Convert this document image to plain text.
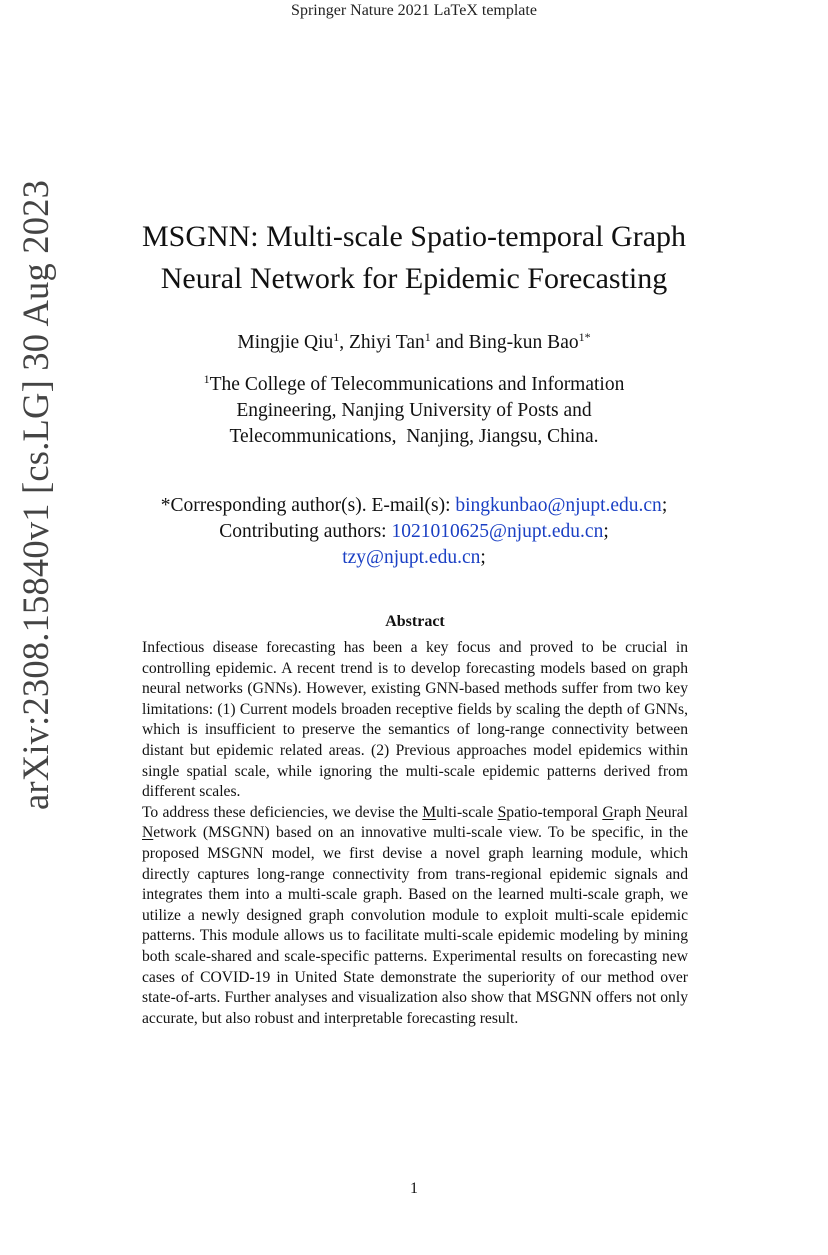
Springer Nature 2021 LaTeX template
arXiv:2308.15840v1 [cs.LG] 30 Aug 2023	MSGNN: Multi-scale Spatio-temporal Graph
Neural Network for Epidemic Forecasting
Mingjie Qiu$^1$, Zhiyi Tan$^1$ and Bing-kun Bao$^{1*}$
$^1$The College of Telecommunications and Information
Engineering, Nanjing University of Posts and
Telecommunications,  Nanjing, Jiangsu, China.
*Corresponding author(s). E-mail(s): bingkunbao@njupt.edu.cn;
Contributing authors: 1021010625@njupt.edu.cn;
tzy@njupt.edu.cn;
Abstract

Infectious disease forecasting has been a key focus and proved to be crucial in controlling epidemic. A recent trend is to develop forecasting models based on graph neural networks (GNNs). However, existing GNN-based methods suffer from two key limitations: (1) Current models broaden receptive fields by scaling the depth of GNNs, which is insufficient to preserve the semantics of long-range connectivity between distant but epidemic related areas. (2) Previous approaches model epidemics within single spatial scale, while ignoring the multi-scale epidemic patterns derived from different scales.

To address these deficiencies, we devise the Multi-scale Spatio-temporal Graph Neural Network (MSGNN) based on an innovative multi-scale view. To be specific, in the proposed MSGNN model, we first devise a novel graph learning module, which directly captures long-range connectivity from trans-regional epidemic signals and integrates them into a multi-scale graph. Based on the learned multi-scale graph, we utilize a newly designed graph convolution module to exploit multi-scale epidemic patterns. This module allows us to facilitate multi-scale epidemic modeling by mining both scale-shared and scale-specific patterns. Experimental results on forecasting new cases of COVID-19 in United State demonstrate the superiority of our method over state-of-arts. Further analyses and visualization also show that MSGNN offers not only accurate, but also robust and interpretable forecasting result.

1
